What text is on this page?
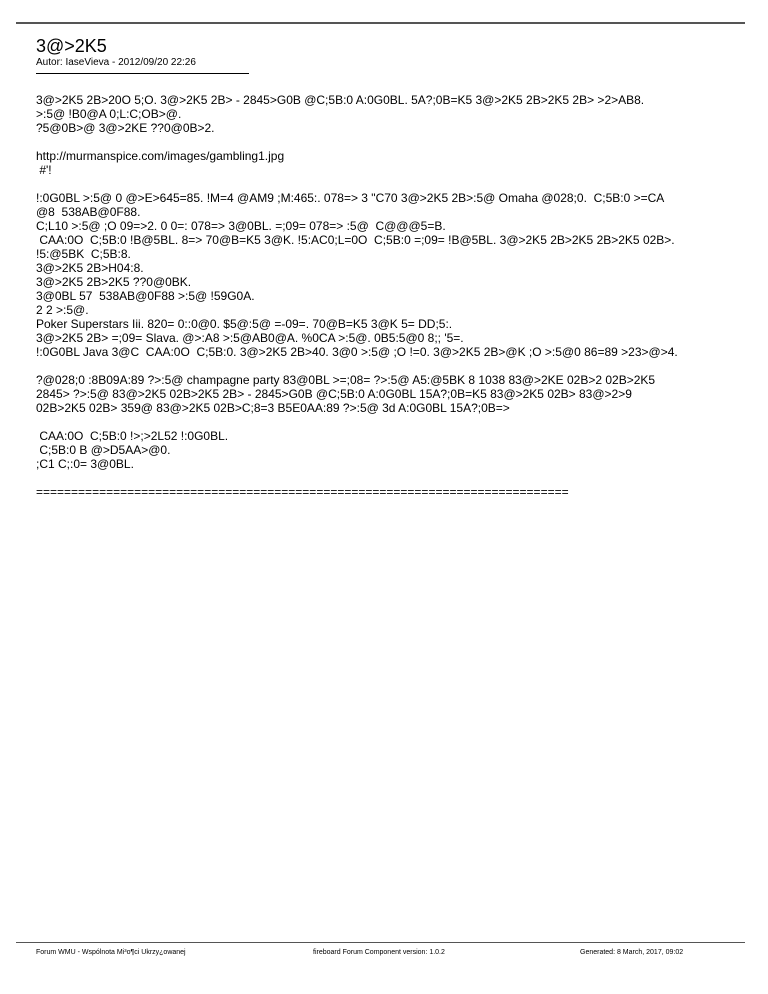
3@>2K5
Autor: IaseVieva - 2012/09/20 22:26
3@>2K5 2B>20O 5;O. 3@>2K5 2B> - 2845>G0B @C;5B:0 A:0G0BL. 5A?;0B=K5 3@>2K5 2B>2K5 2B> >2>AB8.
>:5@ !B0@A 0;L:C;OB>@.
?5@0B>@ 3@>2KE ??0@0B>2.
http://murmanspice.com/images/gambling1.jpg
#'!
!:0G0BL >:5@ 0 @>E>645=85. !M=4 @AM9 ;M:465:. 078=> 3 "C70 3@>2K5 2B>:5@ Omaha @028;0.  C;5B:0 >=CA
@8  538AB@0F88.
C;L10 >:5@ ;O 09=>2. 0 0=: 078=> 3@0BL. =;09= 078=> :5@  C@@@5=B.
CAA:0O  C;5B:0 !B@5BL. 8=> 70@B=K5 3@K. !5:AC0;L=0O  C;5B:0 =;09= !B@5BL. 3@>2K5 2B>2K5 2B>2K5 02B>.
!5:@5BK  C;5B:8.
3@>2K5 2B>H04:8.
3@>2K5 2B>2K5 ??0@0BK.
3@0BL 57  538AB@0F88 >:5@ !59G0A.
2 2 >:5@.
Poker Superstars Iii. 820= 0::0@0. $5@:5@ =-09=. 70@B=K5 3@K 5= DD;5:.
3@>2K5 2B> =;09= Slava. @>:A8 >:5@AB0@A. %0CA >:5@. 0B5:5@0 8;; '5=.
!:0G0BL Java 3@C  CAA:0O  C;5B:0. 3@>2K5 2B>40. 3@0 >:5@ ;O !=0. 3@>2K5 2B>@K ;O >:5@0 86=89 >23>@>4.
?@028;0 :8B09A:89 ?>:5@ champagne party 83@0BL >=;08= ?>:5@ A5:@5BK 8 1038 83@>2KE 02B>2 02B>2K5
2845> ?>:5@ 83@>2K5 02B>2K5 2B> - 2845>G0B @C;5B:0 A:0G0BL 15A?;0B=K5 83@>2K5 02B> 83@>2>9
02B>2K5 02B> 359@ 83@>2K5 02B>C;8=3 B5E0AA:89 ?>:5@ 3d A:0G0BL 15A?;0B=>
CAA:0O  C;5B:0 !>;>2L52 !:0G0BL.
C;5B:0 B @>D5AA>@0.
;C1 C;:0= 3@0BL.
============================================================================
Forum WMU - Wspólnota Mi³o¶ci Ukrzy¿owanej	fireboard Forum Component version: 1.0.2	Generated: 8 March, 2017, 09:02
